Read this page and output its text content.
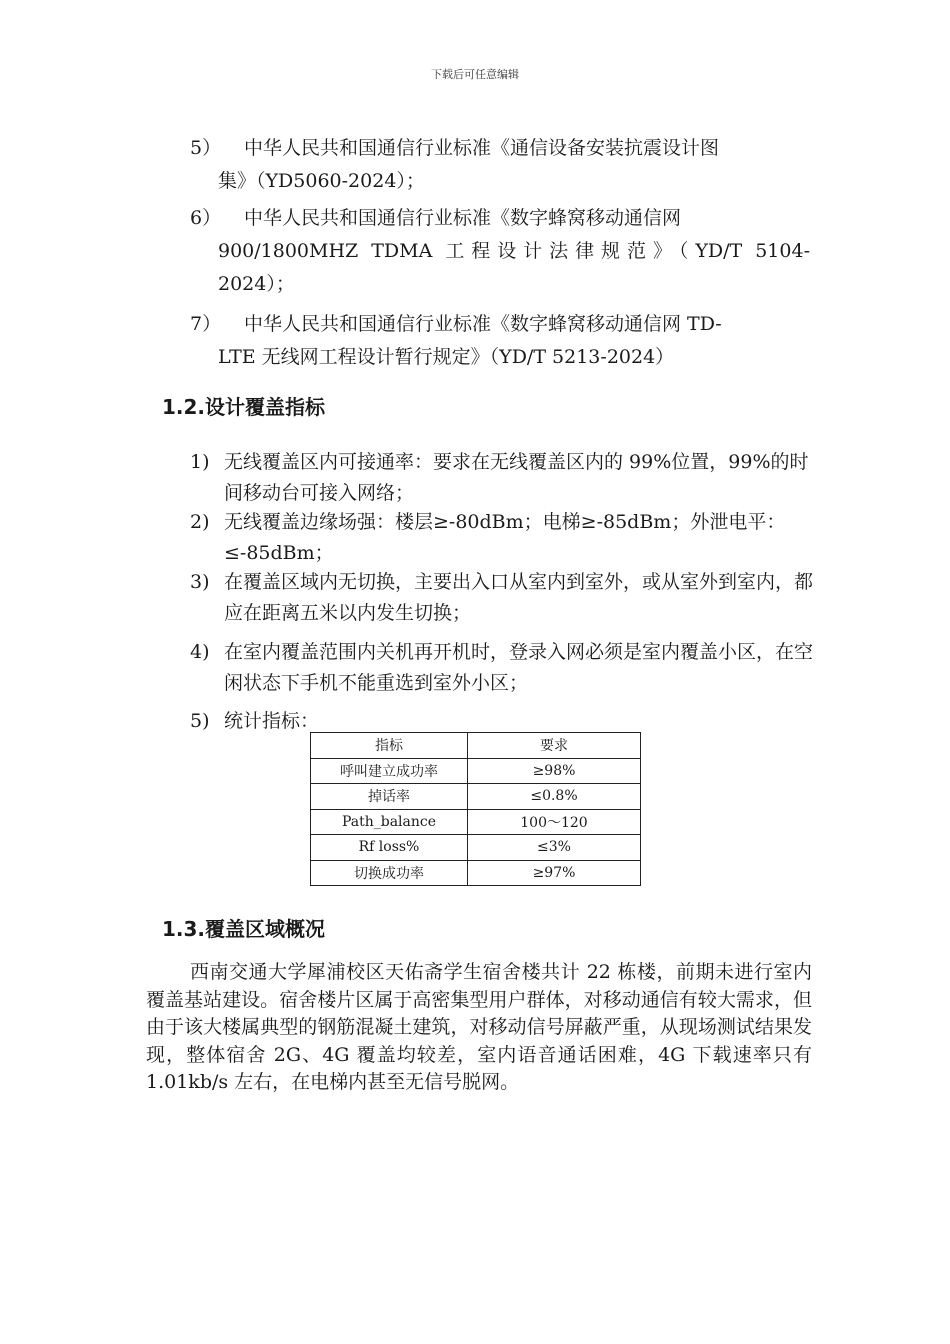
下载后可任意编辑
5）	中华人民共和国通信行业标准《通信设备安装抗震设计图
集》（YD5060-2024）；
6）	中华人民共和国通信行业标准《数字蜂窝移动通信网
900/1800MHZ TDMA 工程设计法律规范》（YD/T 5104-
2024）；
7）	中华人民共和国通信行业标准《数字蜂窝移动通信网 TD-
LTE 无线网工程设计暂行规定》（YD/T 5213-2024）
1.2.设计覆盖指标
1) 无线覆盖区内可接通率：要求在无线覆盖区内的 99%位置，99%的时间移动台可接入网络；
2) 无线覆盖边缘场强：楼层≥-80dBm；电梯≥-85dBm；外泄电平：≤-85dBm；
3) 在覆盖区域内无切换，主要出入口从室内到室外，或从室外到室内，都应在距离五米以内发生切换；
4) 在室内覆盖范围内关机再开机时，登录入网必须是室内覆盖小区，在空闲状态下手机不能重选到室外小区；
5) 统计指标：
指标	要求
呼叫建立成功率	≥98%
掉话率	≤0.8%
Path_balance	100～120
Rf loss%	≤3%
切换成功率	≥97%
1.3.覆盖区域概况
西南交通大学犀浦校区天佑斋学生宿舍楼共计 22 栋楼，前期未进行室内覆盖基站建设。宿舍楼片区属于高密集型用户群体，对移动通信有较大需求，但由于该大楼属典型的钢筋混凝土建筑，对移动信号屏蔽严重，从现场测试结果发现，整体宿舍 2G、4G 覆盖均较差，室内语音通话困难，4G 下载速率只有 1.01kb/s 左右，在电梯内甚至无信号脱网。
